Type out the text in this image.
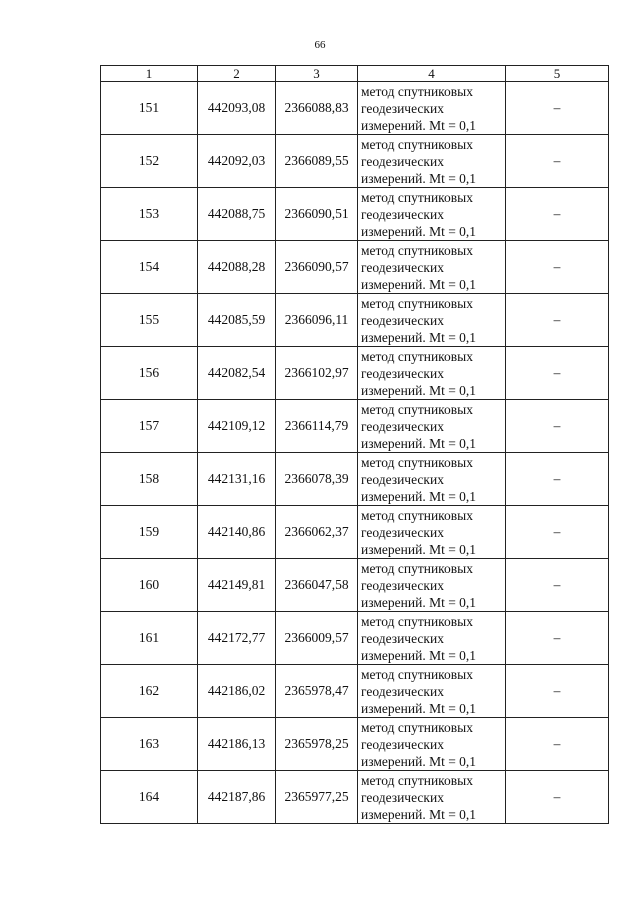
66
1	2	3	4	5
151	442093,08	2366088,83	метод спутниковых
геодезических
измерений. Mt = 0,1	–
152	442092,03	2366089,55	метод спутниковых
геодезических
измерений. Mt = 0,1	–
153	442088,75	2366090,51	метод спутниковых
геодезических
измерений. Mt = 0,1	–
154	442088,28	2366090,57	метод спутниковых
геодезических
измерений. Mt = 0,1	–
155	442085,59	2366096,11	метод спутниковых
геодезических
измерений. Mt = 0,1	–
156	442082,54	2366102,97	метод спутниковых
геодезических
измерений. Mt = 0,1	–
157	442109,12	2366114,79	метод спутниковых
геодезических
измерений. Mt = 0,1	–
158	442131,16	2366078,39	метод спутниковых
геодезических
измерений. Mt = 0,1	–
159	442140,86	2366062,37	метод спутниковых
геодезических
измерений. Mt = 0,1	–
160	442149,81	2366047,58	метод спутниковых
геодезических
измерений. Mt = 0,1	–
161	442172,77	2366009,57	метод спутниковых
геодезических
измерений. Mt = 0,1	–
162	442186,02	2365978,47	метод спутниковых
геодезических
измерений. Mt = 0,1	–
163	442186,13	2365978,25	метод спутниковых
геодезических
измерений. Mt = 0,1	–
164	442187,86	2365977,25	метод спутниковых
геодезических
измерений. Mt = 0,1	–
